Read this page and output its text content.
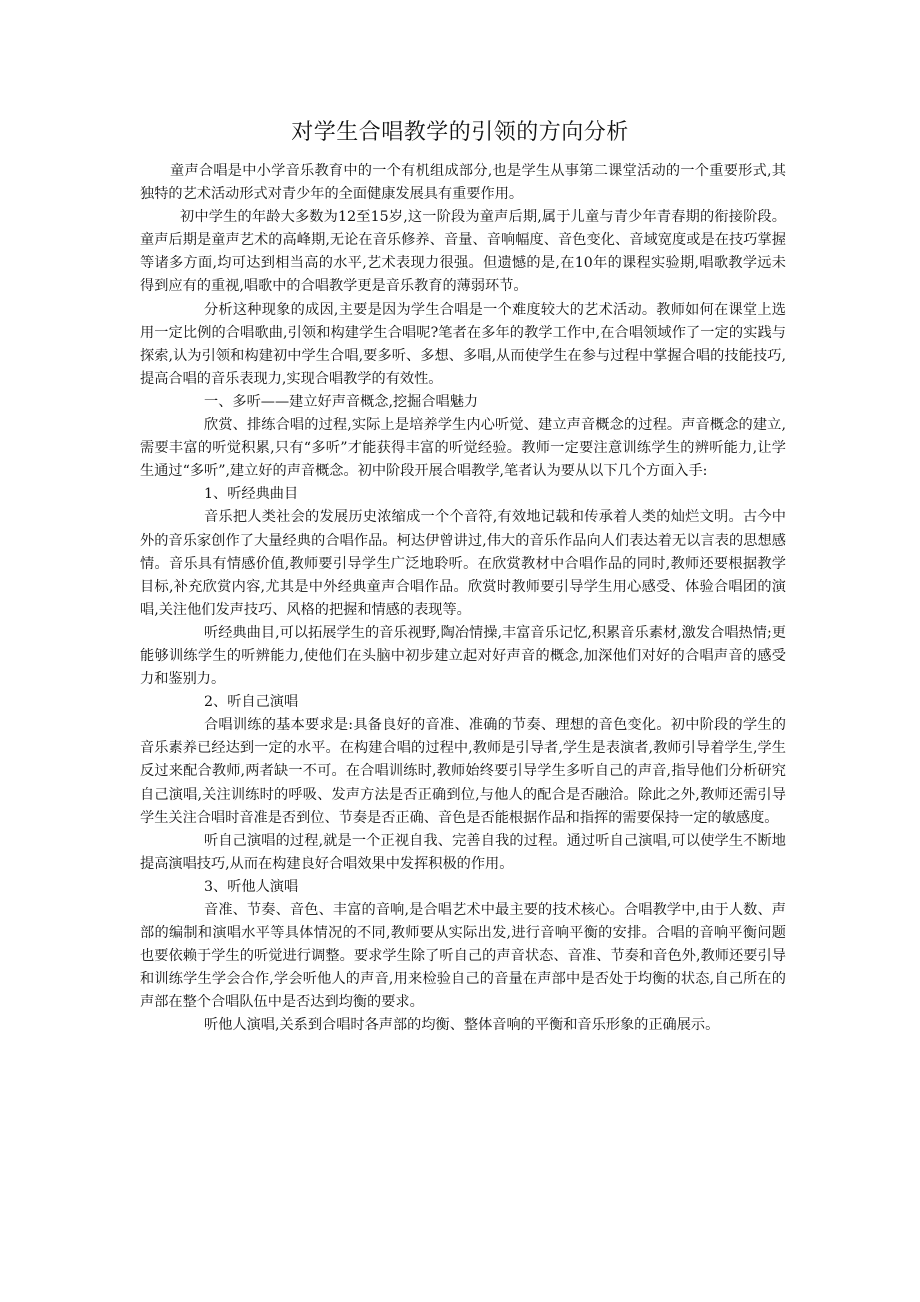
对学生合唱教学的引领的方向分析

童声合唱是中小学音乐教育中的一个有机组成部分,也是学生从事第二课堂活动的一个重要形式,其独特的艺术活动形式对青少年的全面健康发展具有重要作用。

初中学生的年龄大多数为12至15岁,这一阶段为童声后期,属于儿童与青少年青春期的衔接阶段。童声后期是童声艺术的高峰期,无论在音乐修养、音量、音响幅度、音色变化、音域宽度或是在技巧掌握等诸多方面,均可达到相当高的水平,艺术表现力很强。但遗憾的是,在10年的课程实验期,唱歌教学远未得到应有的重视,唱歌中的合唱教学更是音乐教育的薄弱环节。

分析这种现象的成因,主要是因为学生合唱是一个难度较大的艺术活动。教师如何在课堂上选用一定比例的合唱歌曲,引领和构建学生合唱呢?笔者在多年的教学工作中,在合唱领域作了一定的实践与探索,认为引领和构建初中学生合唱,要多听、多想、多唱,从而使学生在参与过程中掌握合唱的技能技巧,提高合唱的音乐表现力,实现合唱教学的有效性。

一、多听——建立好声音概念,挖掘合唱魅力

欣赏、排练合唱的过程,实际上是培养学生内心听觉、建立声音概念的过程。声音概念的建立,需要丰富的听觉积累,只有“多听”才能获得丰富的听觉经验。教师一定要注意训练学生的辨听能力,让学生通过“多听”,建立好的声音概念。初中阶段开展合唱教学,笔者认为要从以下几个方面入手:

1、听经典曲目

音乐把人类社会的发展历史浓缩成一个个音符,有效地记载和传承着人类的灿烂文明。古今中外的音乐家创作了大量经典的合唱作品。柯达伊曾讲过,伟大的音乐作品向人们表达着无以言表的思想感情。音乐具有情感价值,教师要引导学生广泛地聆听。在欣赏教材中合唱作品的同时,教师还要根据教学目标,补充欣赏内容,尤其是中外经典童声合唱作品。欣赏时教师要引导学生用心感受、体验合唱团的演唱,关注他们发声技巧、风格的把握和情感的表现等。

听经典曲目,可以拓展学生的音乐视野,陶冶情操,丰富音乐记忆,积累音乐素材,激发合唱热情;更能够训练学生的听辨能力,使他们在头脑中初步建立起对好声音的概念,加深他们对好的合唱声音的感受力和鉴别力。

2、听自己演唱

合唱训练的基本要求是:具备良好的音准、准确的节奏、理想的音色变化。初中阶段的学生的音乐素养已经达到一定的水平。在构建合唱的过程中,教师是引导者,学生是表演者,教师引导着学生,学生反过来配合教师,两者缺一不可。在合唱训练时,教师始终要引导学生多听自己的声音,指导他们分析研究自己演唱,关注训练时的呼吸、发声方法是否正确到位,与他人的配合是否融洽。除此之外,教师还需引导学生关注合唱时音准是否到位、节奏是否正确、音色是否能根据作品和指挥的需要保持一定的敏感度。

听自己演唱的过程,就是一个正视自我、完善自我的过程。通过听自己演唱,可以使学生不断地提高演唱技巧,从而在构建良好合唱效果中发挥积极的作用。

3、听他人演唱

音准、节奏、音色、丰富的音响,是合唱艺术中最主要的技术核心。合唱教学中,由于人数、声部的编制和演唱水平等具体情况的不同,教师要从实际出发,进行音响平衡的安排。合唱的音响平衡问题也要依赖于学生的听觉进行调整。要求学生除了听自己的声音状态、音准、节奏和音色外,教师还要引导和训练学生学会合作,学会听他人的声音,用来检验自己的音量在声部中是否处于均衡的状态,自己所在的声部在整个合唱队伍中是否达到均衡的要求。

听他人演唱,关系到合唱时各声部的均衡、整体音响的平衡和音乐形象的正确展示。
